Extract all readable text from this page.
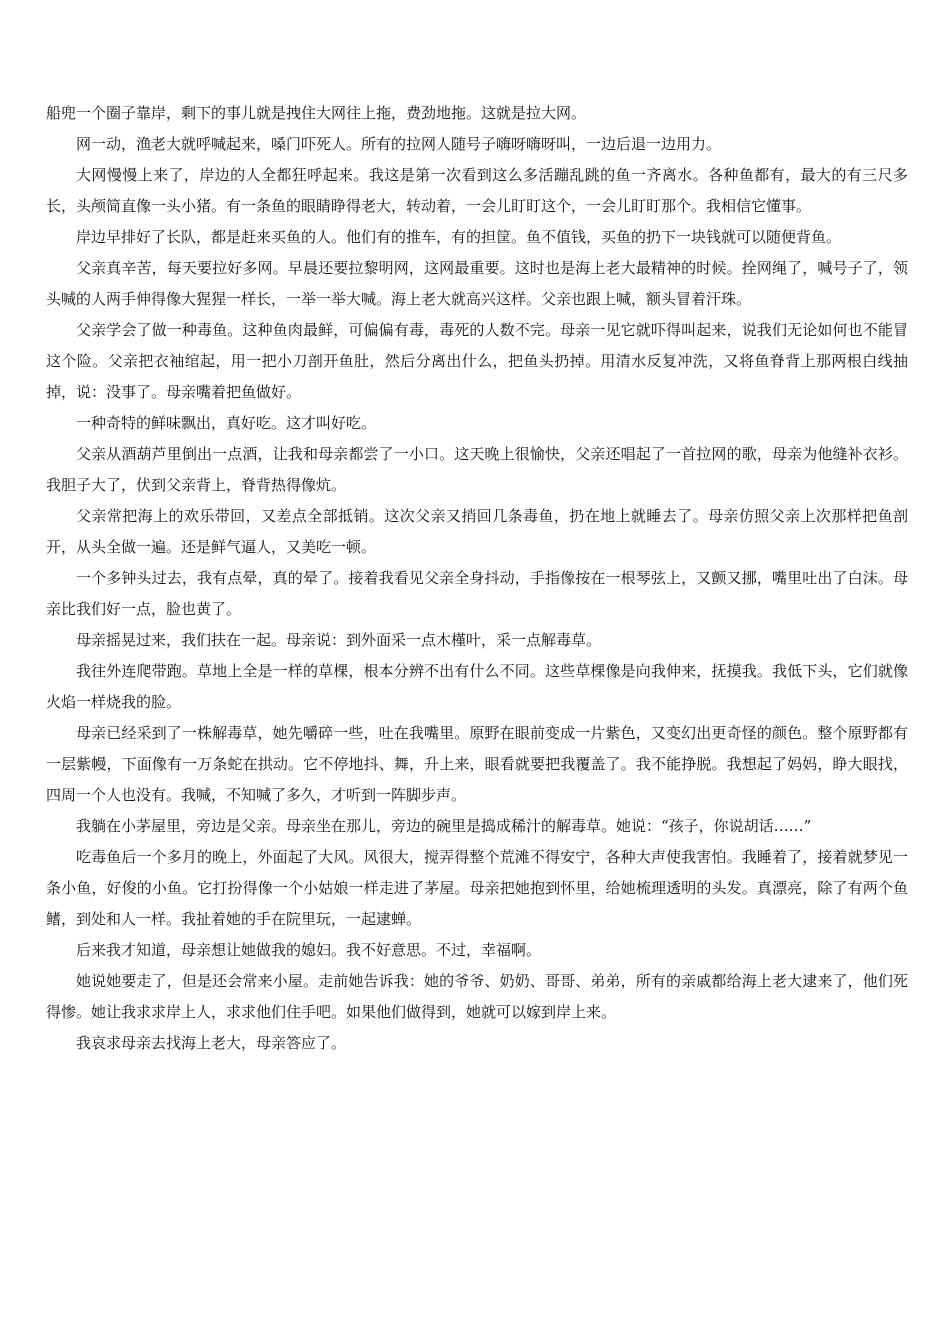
船兜一个圈子靠岸，剩下的事儿就是拽住大网往上拖，费劲地拖。这就是拉大网。

网一动，渔老大就呼喊起来，嗓门吓死人。所有的拉网人随号子嗨呀嗨呀叫，一边后退一边用力。

大网慢慢上来了，岸边的人全都狂呼起来。我这是第一次看到这么多活蹦乱跳的鱼一齐离水。各种鱼都有，最大的有三尺多长，头颅简直像一头小猪。有一条鱼的眼睛睁得老大，转动着，一会儿盯盯这个，一会儿盯盯那个。我相信它懂事。

岸边早排好了长队，都是赶来买鱼的人。他们有的推车，有的担筐。鱼不值钱，买鱼的扔下一块钱就可以随便背鱼。

父亲真辛苦，每天要拉好多网。早晨还要拉黎明网，这网最重要。这时也是海上老大最精神的时候。拴网绳了，喊号子了，领头喊的人两手伸得像大猩猩一样长，一举一举大喊。海上老大就高兴这样。父亲也跟上喊，额头冒着汗珠。

父亲学会了做一种毒鱼。这种鱼肉最鲜，可偏偏有毒，毒死的人数不完。母亲一见它就吓得叫起来，说我们无论如何也不能冒这个险。父亲把衣袖绾起，用一把小刀剖开鱼肚，然后分离出什么，把鱼头扔掉。用清水反复冲洗，又将鱼脊背上那两根白线抽掉，说：没事了。母亲嘴着把鱼做好。

一种奇特的鲜味飘出，真好吃。这才叫好吃。

父亲从酒葫芦里倒出一点酒，让我和母亲都尝了一小口。这天晚上很愉快，父亲还唱起了一首拉网的歌，母亲为他缝补衣衫。我胆子大了，伏到父亲背上，脊背热得像炕。

父亲常把海上的欢乐带回，又差点全部抵销。这次父亲又捎回几条毒鱼，扔在地上就睡去了。母亲仿照父亲上次那样把鱼剖开，从头全做一遍。还是鲜气逼人，又美吃一顿。

一个多钟头过去，我有点晕，真的晕了。接着我看见父亲全身抖动，手指像按在一根琴弦上，又颤又挪，嘴里吐出了白沫。母亲比我们好一点，脸也黄了。

母亲摇晃过来，我们扶在一起。母亲说：到外面采一点木槿叶，采一点解毒草。

我往外连爬带跑。草地上全是一样的草棵，根本分辨不出有什么不同。这些草棵像是向我伸来，抚摸我。我低下头，它们就像火焰一样烧我的脸。

母亲已经采到了一株解毒草，她先嚼碎一些，吐在我嘴里。原野在眼前变成一片紫色，又变幻出更奇怪的颜色。整个原野都有一层紫幔，下面像有一万条蛇在拱动。它不停地抖、舞，升上来，眼看就要把我覆盖了。我不能挣脱。我想起了妈妈，睁大眼找，四周一个人也没有。我喊，不知喊了多久，才听到一阵脚步声。

我躺在小茅屋里，旁边是父亲。母亲坐在那儿，旁边的碗里是捣成稀汁的解毒草。她说：“孩子，你说胡话……”

吃毒鱼后一个多月的晚上，外面起了大风。风很大，搅弄得整个荒滩不得安宁，各种大声使我害怕。我睡着了，接着就梦见一条小鱼，好俊的小鱼。它打扮得像一个小姑娘一样走进了茅屋。母亲把她抱到怀里，给她梳理透明的头发。真漂亮，除了有两个鱼鳍，到处和人一样。我扯着她的手在院里玩，一起逮蝉。

后来我才知道，母亲想让她做我的媳妇。我不好意思。不过，幸福啊。

她说她要走了，但是还会常来小屋。走前她告诉我：她的爷爷、奶奶、哥哥、弟弟，所有的亲戚都给海上老大逮来了，他们死得惨。她让我求求岸上人，求求他们住手吧。如果他们做得到，她就可以嫁到岸上来。

我哀求母亲去找海上老大，母亲答应了。
